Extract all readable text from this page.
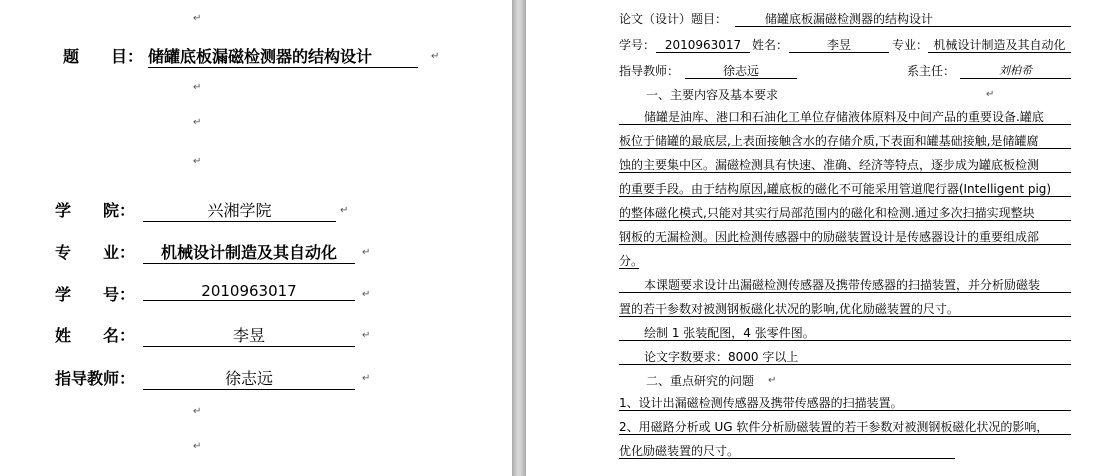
↵
题　　目： 储罐底板漏磁检测器的结构设计	↵
↵
↵
↵
学　　院：	兴湘学院	↵
专　　业：	机械设计制造及其自动化	↵
学　　号：	2010963017	↵
姓　　名：	李昱	↵
指导教师：	徐志远	↵
↵
↵
论文（设计）题目：	储罐底板漏磁检测器的结构设计
学号： 2010963017 姓名：	李昱	专业： 机械设计制造及其自动化
指导教师：	徐志远	系主任：	刘柏希
一、主要内容及基本要求	↵
储罐是油库、港口和石油化工单位存储液体原料及中间产品的重要设备.罐底
板位于储罐的最底层,上表面接触含水的存储介质,下表面和罐基础接触,是储罐腐
蚀的主要集中区。漏磁检测具有快速、准确、经济等特点，逐步成为罐底板检测
的重要手段。由于结构原因,罐底板的磁化不可能采用管道爬行器(Intelligent pig)
的整体磁化模式,只能对其实行局部范围内的磁化和检测.通过多次扫描实现整块
钢板的无漏检测。因此检测传感器中的励磁装置设计是传感器设计的重要组成部
分。
本课题要求设计出漏磁检测传感器及携带传感器的扫描装置，并分析励磁装
置的若干参数对被测钢板磁化状况的影响,优化励磁装置的尺寸。
绘制 1 张装配图，4 张零件图。
论文字数要求：8000 字以上
二、重点研究的问题 ↵
1、设计出漏磁检测传感器及携带传感器的扫描装置。
2、用磁路分析或 UG 软件分析励磁装置的若干参数对被测钢板磁化状况的影响，
优化励磁装置的尺寸。
